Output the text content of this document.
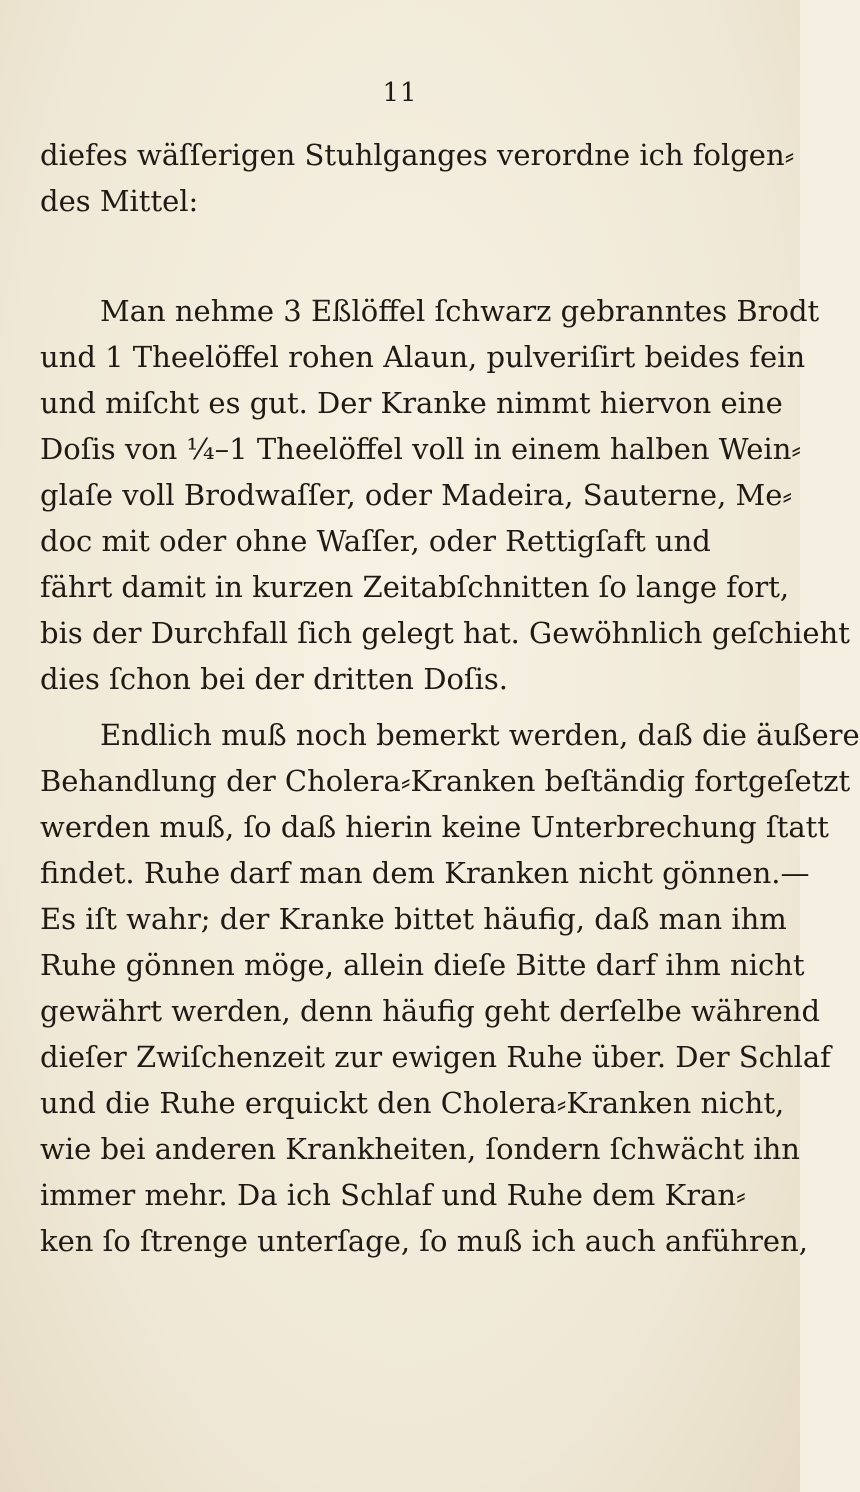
11
diefes wäſſerigen Stuhlganges verordne ich folgen⸗
des Mittel:
Man nehme 3 Eßlöffel ſchwarz gebranntes Brodt
und 1 Theelöffel rohen Alaun, pulveriſirt beides fein
und miſcht es gut. Der Kranke nimmt hiervon eine
Doſis von ¼–1 Theelöffel voll in einem halben Wein⸗
glaſe voll Brodwaſſer, oder Madeira, Sauterne, Me⸗
doc mit oder ohne Waſſer, oder Rettigſaft und
fährt damit in kurzen Zeitabſchnitten ſo lange fort,
bis der Durchfall ſich gelegt hat. Gewöhnlich geſchieht
dies ſchon bei der dritten Doſis.
Endlich muß noch bemerkt werden, daß die äußere
Behandlung der Cholera⸗Kranken beſtändig fortgeſetzt
werden muß, ſo daß hierin keine Unterbrechung ſtatt
findet. Ruhe darf man dem Kranken nicht gönnen.—
Es iſt wahr; der Kranke bittet häufig, daß man ihm
Ruhe gönnen möge, allein dieſe Bitte darf ihm nicht
gewährt werden, denn häufig geht derſelbe während
dieſer Zwiſchenzeit zur ewigen Ruhe über. Der Schlaf
und die Ruhe erquickt den Cholera⸗Kranken nicht,
wie bei anderen Krankheiten, ſondern ſchwächt ihn
immer mehr. Da ich Schlaf und Ruhe dem Kran⸗
ken ſo ſtrenge unterſage, ſo muß ich auch anführen,
